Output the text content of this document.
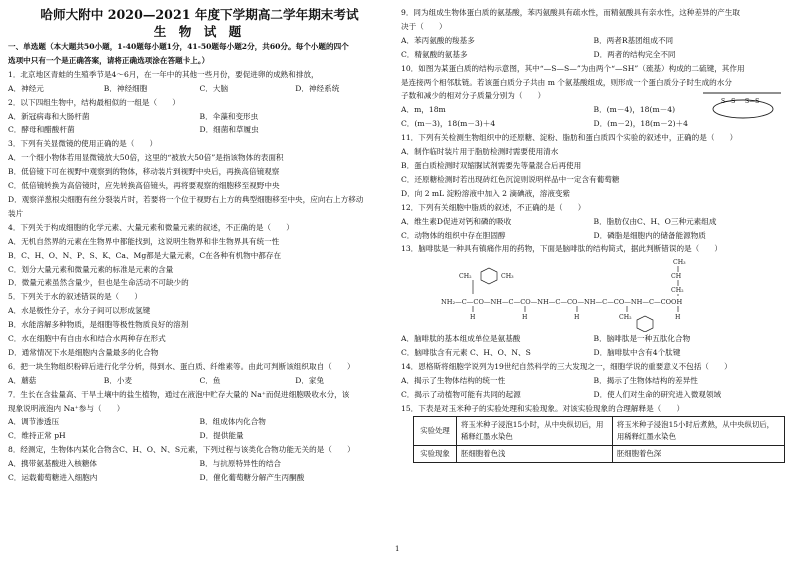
哈师大附中 2020—2021 年度下学期高二学年期末考试
生 物 试 题
一、单选题（本大题共50小题，1-40题每小题1分，41-50题每小题2分，共60分。每个小题的四个
选项中只有一个是正确答案，请将正确选项涂在答题卡上。）
1．北京地区青蛙的生殖季节是4～6月，在一年中的其他一些月份，要促进卵的成熟和排放，
A．神经元	B．神经细胞	C．大脑	D．神经系统
2．以下四组生物中，结构最相似的一组是（　　）
A．新冠病毒和大肠杆菌	B．伞藻和变形虫
C．酵母和醋酸杆菌	D．细菌和草履虫
3．下列有关显微镜的使用正确的是（　　）
A．一个细小物体若用显微镜放大50倍，这里的“被放大50倍”是指该物体的表面积
B．低倍镜下可在视野中观察到的物体，移动装片到视野中央后，再换高倍镜观察
C．低倍镜转换为高倍镜时，应先转换高倍镜头，再将要观察的细胞移至视野中央
D．观察洋葱根尖细胞有丝分裂装片时，若要将一个位于视野右上方的典型细胞移至中央，应向右上方移动
装片
4．下列关于构成细胞的化学元素、大量元素和微量元素的叙述，不正确的是（　　）
A．无机自然界的元素在生物界中都能找到，这说明生物界和非生物界具有统一性
B．C、H、O、N、P、S、K、Ca、Mg都是大量元素，C在各种有机物中都存在
C．划分大量元素和微量元素的标准是元素的含量
D．微量元素虽然含量少，但也是生命活动不可缺少的
5．下列关于水的叙述错误的是（　　）
A．水是极性分子，水分子间可以形成氢键
B．水能溶解多种物质，是细胞等极性物质良好的溶剂
C．水在细胞中有自由水和结合水两种存在形式
D．通常情况下水是细胞内含量最多的化合物
6．把一块生物组织粉碎后进行化学分析，得到水、蛋白质、纤维素等。由此可判断该组织取自（　　）
A．蘑菇	B．小麦	C．鱼	D．家兔
7．生长在含盐量高、干旱土壤中的盐生植物，通过在液泡中贮存大量的 Na⁺而促进细胞吸收水分，该
现象说明液泡内 Na⁺参与（　　）
A．调节渗透压	B．组成体内化合物
C．维持正常 pH	D．提供能量
8．经测定，生物体内某化合物含C、H、O、N、S元素，下列过程与该类化合物功能无关的是（　　）
A．携带氨基酸进入核糖体	B．与抗原特异性的结合
C．运载葡萄糖进入细胞内	D．催化葡萄糖分解产生丙酮酸
9．同为组成生物体蛋白质的氨基酸，苯丙氨酸具有疏水性，而精氨酸具有亲水性，这种差异的产生取
决于（　　）
A．苯丙氨酸的羧基多	B．两者R基团组成不同
C．精氨酸的氨基多	D．两者的结构完全不同
10．如图为某蛋白质的结构示意图，其中“—S—S—”为由两个“—SH”（巯基）构成的二硫键，其作用
是连接两个相邻肽链。若该蛋白质分子共由 m 个氨基酸组成，则形成一个蛋白质分子时生成的水分
子数和减少的相对分子质量分别为（　　）
S—S S—S
A．m，18m	B．(m－4)，18(m－4)
C．(m－3)，18(m－3)＋4	D．(m－2)，18(m－2)＋4
11．下列有关检测生物组织中的还原糖、淀粉、脂肪和蛋白质四个实验的叙述中，正确的是（　　）
A．制作临时装片用于脂肪检测时需要使用清水
B．蛋白质检测时双缩脲试剂需要先等量混合后再使用
C．还原糖检测时若出现砖红色沉淀则说明样品中一定含有葡萄糖
D．向 2 mL 淀粉溶液中加入 2 滴碘液，溶液变紫
12．下列有关细胞中脂质的叙述，不正确的是（　　）
A．维生素D促进对钙和磷的吸收	B．脂肪仅由C、H、O三种元素组成
C．动物体的组织中存在胆固醇	D．磷脂是细胞内的储备能源物质
13．脑啡肽是一种具有镇痛作用的药物，下面是脑啡肽的结构简式，据此判断错误的是（　　）
CH₃
CH
CH₂
CH₂	CH₃
NH₂—C—CO—NH—C—CO—NH—C—CO—NH—C—CO—NH—C—COOH
H	H	H	CH₂	H
A．脑啡肽的基本组成单位是氨基酸	B．脑啡肽是一种五肽化合物
C．脑啡肽含有元素 C、H、O、N、S	D．脑啡肽中含有4个肽键
14．恩格斯将细胞学说列为19世纪自然科学的三大发现之一，细胞学说的重要意义不包括（　　）
A．揭示了生物体结构的统一性	B．揭示了生物体结构的差异性
C．揭示了动植物可能有共同的起源	D．使人们对生命的研究进入微观领域
15．下表是对玉米种子的实验处理和实验现象。对该实验现象的合理解释是（　　）
实验处理	将玉米种子浸泡15小时，从中央纵切后，用稀释红墨水染色	将玉米种子浸泡15小时后煮熟，从中央纵切后，用稀释红墨水染色
实验现象	胚细胞着色浅	胚细胞着色深
1
